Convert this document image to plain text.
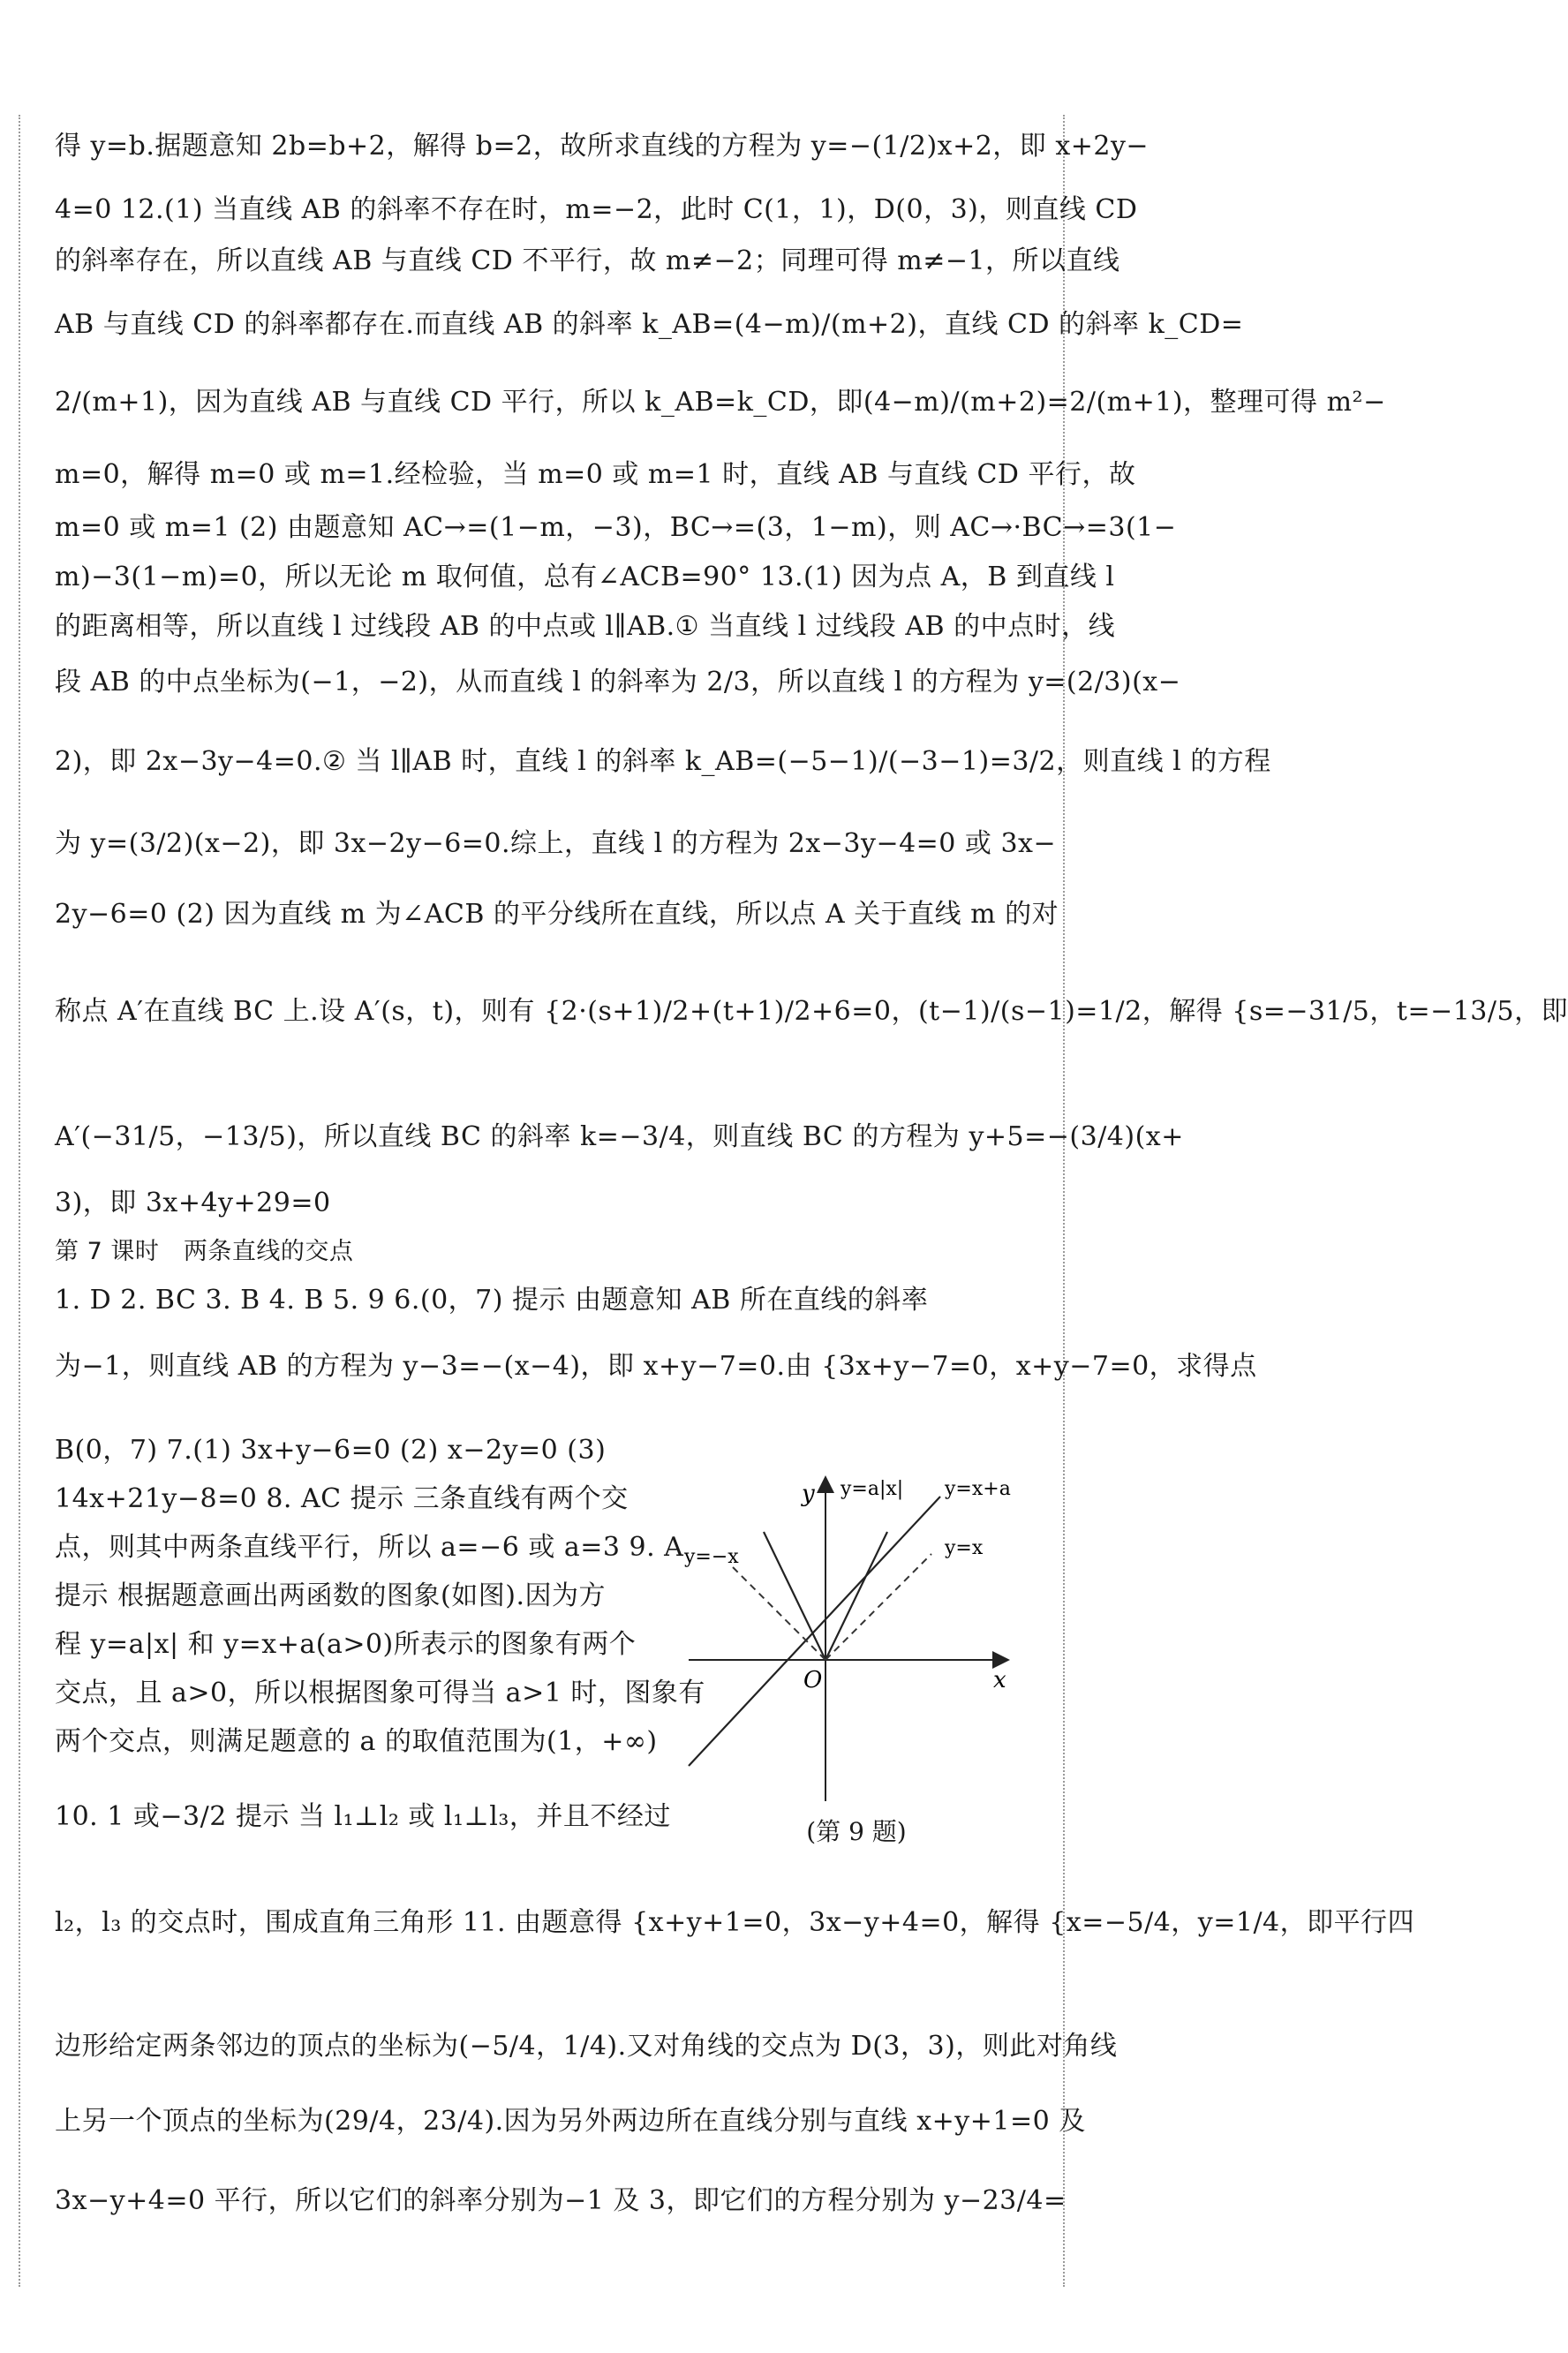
得 y=b.据题意知 2b=b+2，解得 b=2，故所求直线的方程为 y=−(1/2)x+2，即 x+2y−
4=0 12.(1) 当直线 AB 的斜率不存在时，m=−2，此时 C(1，1)，D(0，3)，则直线 CD
的斜率存在，所以直线 AB 与直线 CD 不平行，故 m≠−2；同理可得 m≠−1，所以直线
AB 与直线 CD 的斜率都存在.而直线 AB 的斜率 k_AB=(4−m)/(m+2)，直线 CD 的斜率 k_CD=
2/(m+1)，因为直线 AB 与直线 CD 平行，所以 k_AB=k_CD，即(4−m)/(m+2)=2/(m+1)，整理可得 m²−
m=0，解得 m=0 或 m=1.经检验，当 m=0 或 m=1 时，直线 AB 与直线 CD 平行，故
m=0 或 m=1 (2) 由题意知 AC→=(1−m，−3)，BC→=(3，1−m)，则 AC→·BC→=3(1−
m)−3(1−m)=0，所以无论 m 取何值，总有∠ACB=90° 13.(1) 因为点 A，B 到直线 l
的距离相等，所以直线 l 过线段 AB 的中点或 l∥AB.① 当直线 l 过线段 AB 的中点时，线
段 AB 的中点坐标为(−1，−2)，从而直线 l 的斜率为 2/3，所以直线 l 的方程为 y=(2/3)(x−
2)，即 2x−3y−4=0.② 当 l∥AB 时，直线 l 的斜率 k_AB=(−5−1)/(−3−1)=3/2，则直线 l 的方程
为 y=(3/2)(x−2)，即 3x−2y−6=0.综上，直线 l 的方程为 2x−3y−4=0 或 3x−
2y−6=0 (2) 因为直线 m 为∠ACB 的平分线所在直线，所以点 A 关于直线 m 的对
称点 A′在直线 BC 上.设 A′(s，t)，则有 {2·(s+1)/2+(t+1)/2+6=0，(t−1)/(s−1)=1/2，解得 {s=−31/5，t=−13/5，即
A′(−31/5，−13/5)，所以直线 BC 的斜率 k=−3/4，则直线 BC 的方程为 y+5=−(3/4)(x+
3)，即 3x+4y+29=0
第 7 课时　两条直线的交点
1. D 2. BC 3. B 4. B 5. 9 6.(0，7) 提示 由题意知 AB 所在直线的斜率
为−1，则直线 AB 的方程为 y−3=−(x−4)，即 x+y−7=0.由 {3x+y−7=0，x+y−7=0，求得点
B(0，7) 7.(1) 3x+y−6=0 (2) x−2y=0 (3)
14x+21y−8=0 8. AC 提示 三条直线有两个交
点，则其中两条直线平行，所以 a=−6 或 a=3 9. A
提示 根据题意画出两函数的图象(如图).因为方
程 y=a|x| 和 y=x+a(a>0)所表示的图象有两个
交点，且 a>0，所以根据图象可得当 a>1 时，图象有
两个交点，则满足题意的 a 的取值范围为(1，+∞)
10. 1 或−3/2 提示 当 l₁⊥l₂ 或 l₁⊥l₃，并且不经过
l₂，l₃ 的交点时，围成直角三角形 11. 由题意得 {x+y+1=0，3x−y+4=0，解得 {x=−5/4，y=1/4，即平行四
边形给定两条邻边的顶点的坐标为(−5/4，1/4).又对角线的交点为 D(3，3)，则此对角线
上另一个顶点的坐标为(29/4，23/4).因为另外两边所在直线分别与直线 x+y+1=0 及
3x−y+4=0 平行，所以它们的斜率分别为−1 及 3，即它们的方程分别为 y−23/4=
x
y
O
y=a|x| y=x+a
y=−x	y=x
(第 9 题)
